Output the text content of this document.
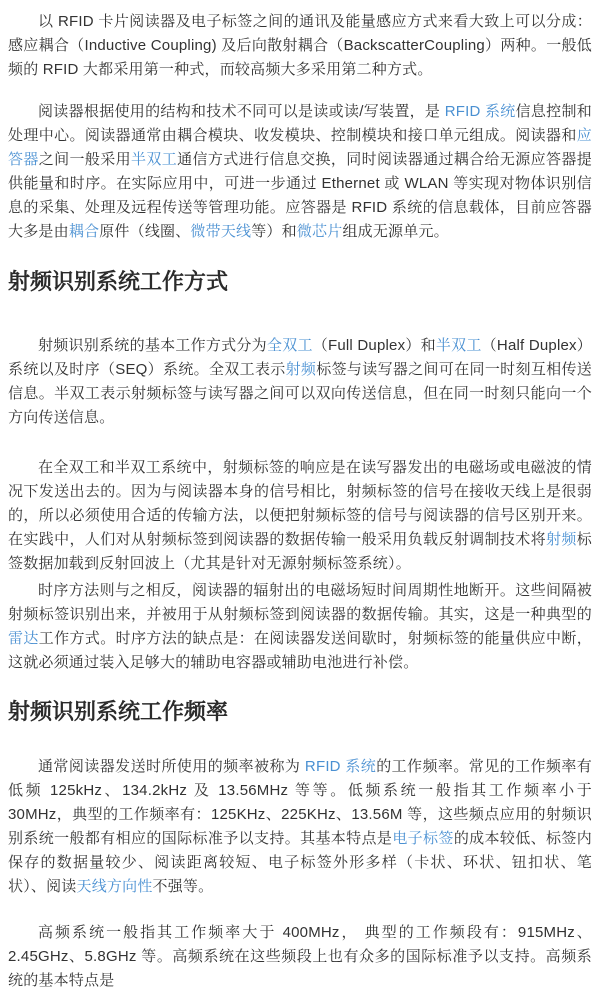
以 RFID 卡片阅读器及电子标签之间的通讯及能量感应方式来看大致上可以分成：感应耦合（Inductive Coupling) 及后向散射耦合（BackscatterCoupling）两种。一般低频的 RFID 大都采用第一种式，而较高频大多采用第二种方式。

阅读器根据使用的结构和技术不同可以是读或读/写装置，是 RFID 系统信息控制和处理中心。阅读器通常由耦合模块、收发模块、控制模块和接口单元组成。阅读器和应答器之间一般采用半双工通信方式进行信息交换，同时阅读器通过耦合给无源应答器提供能量和时序。在实际应用中，可进一步通过 Ethernet 或 WLAN 等实现对物体识别信息的采集、处理及远程传送等管理功能。应答器是 RFID 系统的信息载体，目前应答器大多是由耦合原件（线圈、微带天线等）和微芯片组成无源单元。

射频识别系统工作方式

射频识别系统的基本工作方式分为全双工（Full Duplex）和半双工（Half Duplex）系统以及时序（SEQ）系统。全双工表示射频标签与读写器之间可在同一时刻互相传送信息。半双工表示射频标签与读写器之间可以双向传送信息，但在同一时刻只能向一个方向传送信息。

在全双工和半双工系统中，射频标签的响应是在读写器发出的电磁场或电磁波的情况下发送出去的。因为与阅读器本身的信号相比，射频标签的信号在接收天线上是很弱的，所以必须使用合适的传输方法，以便把射频标签的信号与阅读器的信号区别开来。在实践中，人们对从射频标签到阅读器的数据传输一般采用负载反射调制技术将射频标签数据加载到反射回波上（尤其是针对无源射频标签系统）。

时序方法则与之相反，阅读器的辐射出的电磁场短时间周期性地断开。这些间隔被射频标签识别出来，并被用于从射频标签到阅读器的数据传输。其实，这是一种典型的雷达工作方式。时序方法的缺点是：在阅读器发送间歇时，射频标签的能量供应中断，这就必须通过装入足够大的辅助电容器或辅助电池进行补偿。

射频识别系统工作频率

通常阅读器发送时所使用的频率被称为 RFID 系统的工作频率。常见的工作频率有低频 125kHz、134.2kHz 及 13.56MHz 等等。低频系统一般指其工作频率小于 30MHz，典型的工作频率有：125KHz、225KHz、13.56M 等，这些频点应用的射频识别系统一般都有相应的国际标准予以支持。其基本特点是电子标签的成本较低、标签内保存的数据量较少、阅读距离较短、电子标签外形多样（卡状、环状、钮扣状、笔状）、阅读天线方向性不强等。

高频系统一般指其工作频率大于 400MHz， 典型的工作频段有：915MHz、2.45GHz、5.8GHz 等。高频系统在这些频段上也有众多的国际标准予以支持。高频系统的基本特点是
